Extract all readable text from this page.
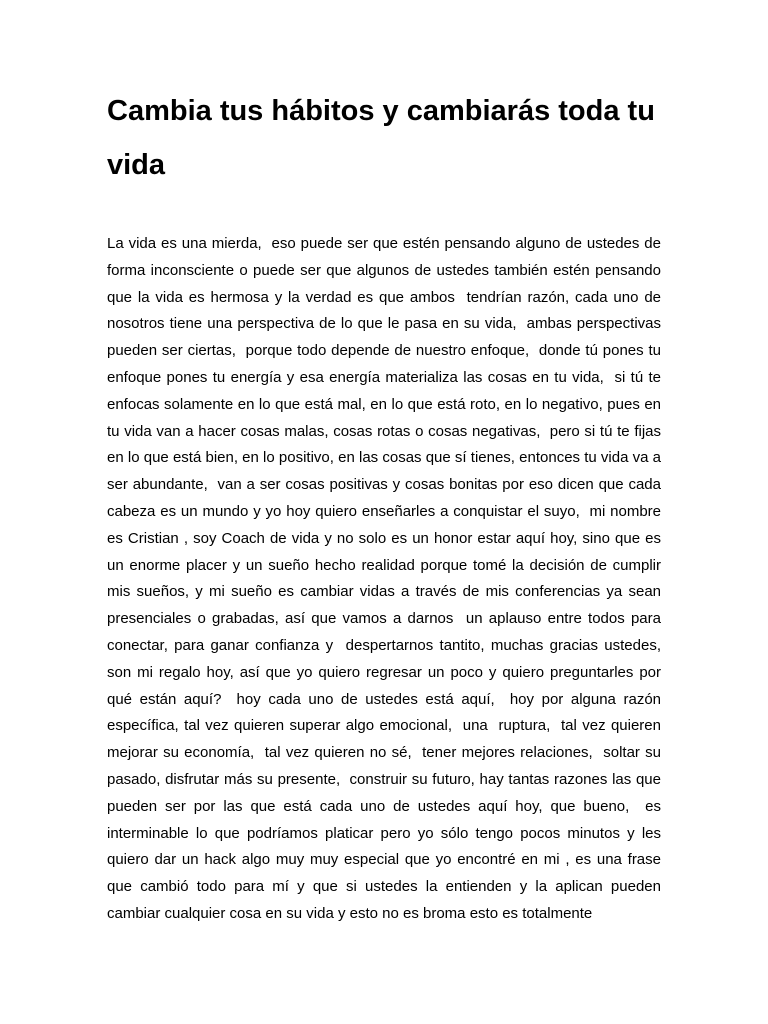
Cambia tus hábitos y cambiarás toda tu vida

La vida es una mierda,  eso puede ser que estén pensando alguno de ustedes de forma inconsciente o puede ser que algunos de ustedes también estén pensando que la vida es hermosa y la verdad es que ambos  tendrían razón, cada uno de nosotros tiene una perspectiva de lo que le pasa en su vida,  ambas perspectivas pueden ser ciertas,  porque todo depende de nuestro enfoque,  donde tú pones tu enfoque pones tu energía y esa energía materializa las cosas en tu vida,  si tú te enfocas solamente en lo que está mal, en lo que está roto, en lo negativo, pues en tu vida van a hacer cosas malas, cosas rotas o cosas negativas,  pero si tú te fijas en lo que está bien, en lo positivo, en las cosas que sí tienes, entonces tu vida va a ser abundante,  van a ser cosas positivas y cosas bonitas por eso dicen que cada cabeza es un mundo y yo hoy quiero enseñarles a conquistar el suyo,  mi nombre es Cristian , soy Coach de vida y no solo es un honor estar aquí hoy, sino que es un enorme placer y un sueño hecho realidad porque tomé la decisión de cumplir mis sueños, y mi sueño es cambiar vidas a través de mis conferencias ya sean presenciales o grabadas, así que vamos a darnos  un aplauso entre todos para conectar, para ganar confianza y  despertarnos tantito, muchas gracias ustedes, son mi regalo hoy, así que yo quiero regresar un poco y quiero preguntarles por qué están aquí?  hoy cada uno de ustedes está aquí,  hoy por alguna razón específica, tal vez quieren superar algo emocional,  una  ruptura,  tal vez quieren mejorar su economía,  tal vez quieren no sé,  tener mejores relaciones,  soltar su pasado, disfrutar más su presente,  construir su futuro, hay tantas razones las que pueden ser por las que está cada uno de ustedes aquí hoy, que bueno,  es interminable lo que podríamos platicar pero yo sólo tengo pocos minutos y les quiero dar un hack algo muy muy especial que yo encontré en mi , es una frase que cambió todo para mí y que si ustedes la entienden y la aplican pueden cambiar cualquier cosa en su vida y esto no es broma esto es totalmente
